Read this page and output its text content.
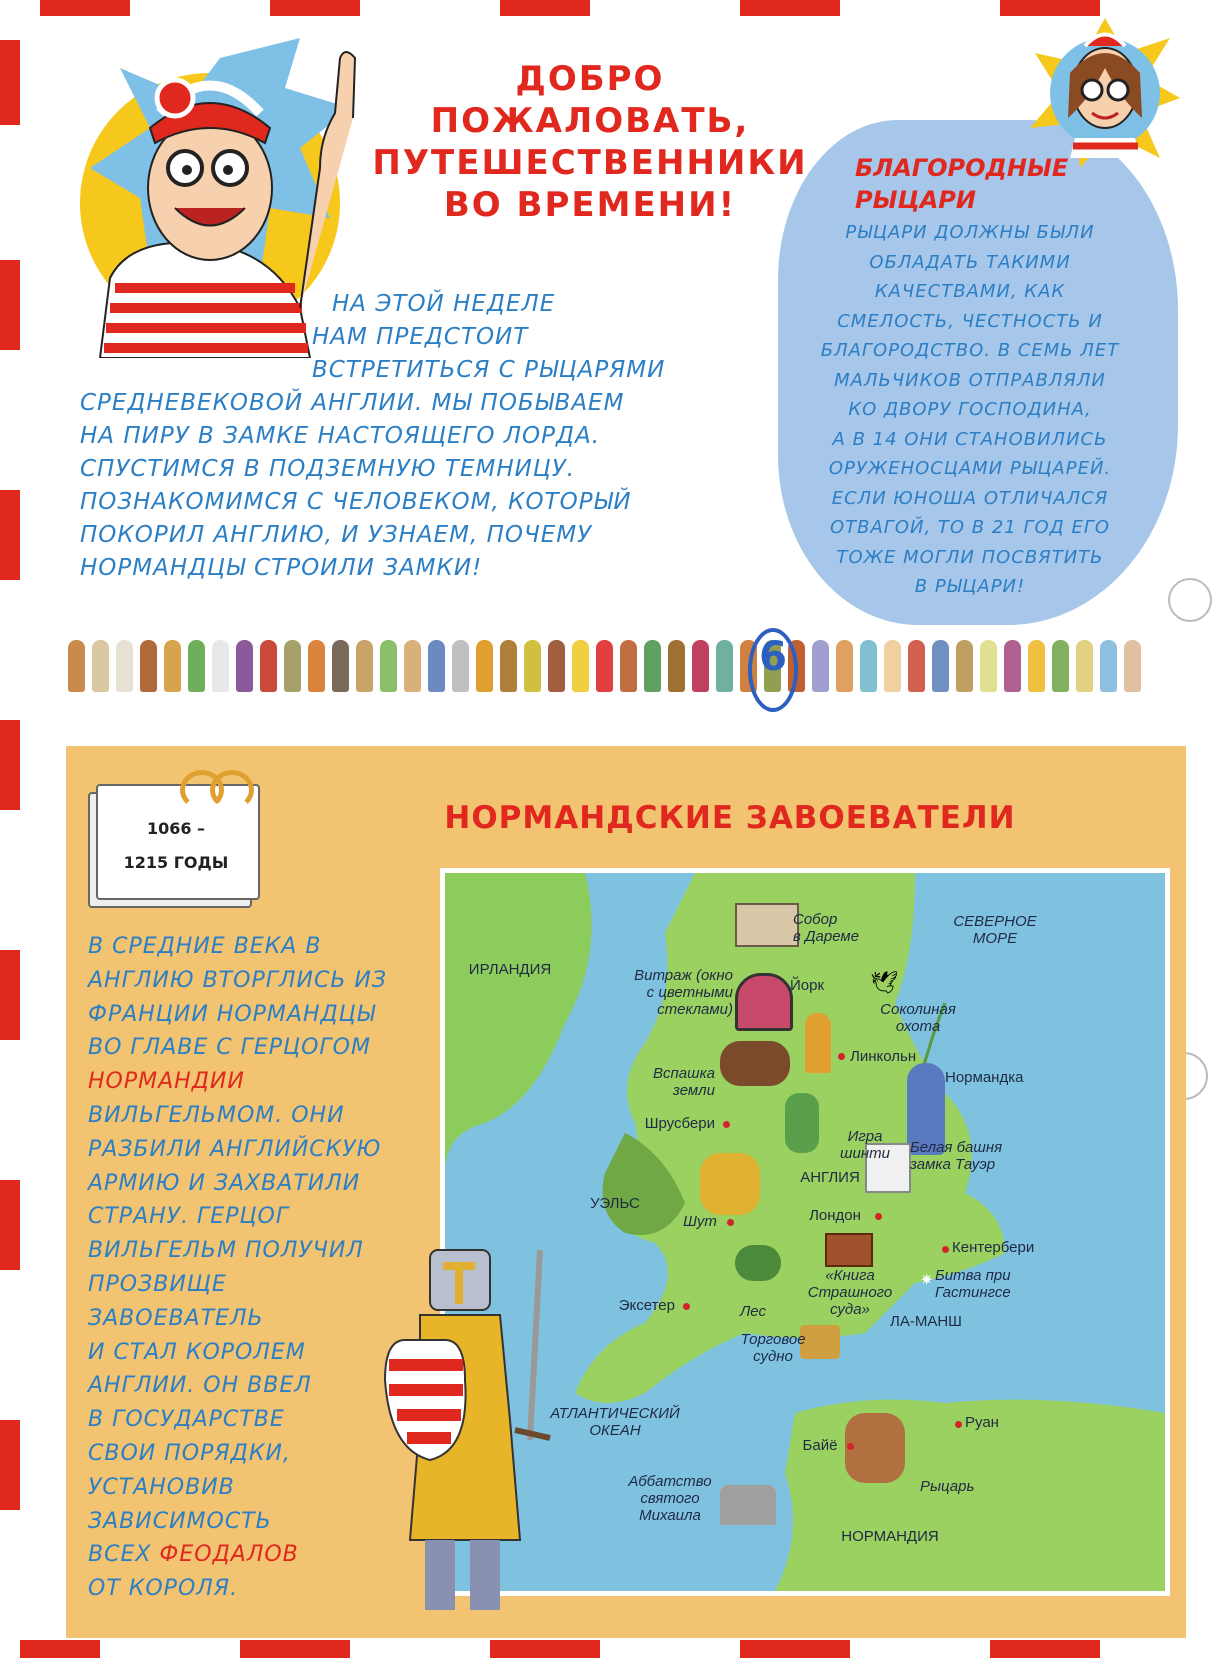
ДОБРО
ПОЖАЛОВАТЬ,
ПУТЕШЕСТВЕННИКИ
ВО ВРЕМЕНИ!
НА ЭТОЙ НЕДЕЛЕ
НАМ ПРЕДСТОИТ
ВСТРЕТИТЬСЯ С РЫЦАРЯМИ
СРЕДНЕВЕКОВОЙ АНГЛИИ. МЫ ПОБЫВАЕМ
НА ПИРУ В ЗАМКЕ НАСТОЯЩЕГО ЛОРДА.
СПУСТИМСЯ В ПОДЗЕМНУЮ ТЕМНИЦУ.
ПОЗНАКОМИМСЯ С ЧЕЛОВЕКОМ, КОТОРЫЙ
ПОКОРИЛ АНГЛИЮ, И УЗНАЕМ, ПОЧЕМУ
НОРМАНДЦЫ СТРОИЛИ ЗАМКИ!
БЛАГОРОДНЫЕ
РЫЦАРИ
РЫЦАРИ ДОЛЖНЫ БЫЛИ
ОБЛАДАТЬ ТАКИМИ
КАЧЕСТВАМИ, КАК
СМЕЛОСТЬ, ЧЕСТНОСТЬ И
БЛАГОРОДСТВО. В СЕМЬ ЛЕТ
МАЛЬЧИКОВ ОТПРАВЛЯЛИ
КО ДВОРУ ГОСПОДИНА,
А В 14 ОНИ СТАНОВИЛИСЬ
ОРУЖЕНОСЦАМИ РЫЦАРЕЙ.
ЕСЛИ ЮНОША ОТЛИЧАЛСЯ
ОТВАГОЙ, ТО В 21 ГОД ЕГО
ТОЖЕ МОГЛИ ПОСВЯТИТЬ
В РЫЦАРИ!
6
1066 –
1215 ГОДЫ
НОРМАНДСКИЕ ЗАВОЕВАТЕЛИ
В СРЕДНИЕ ВЕКА В
АНГЛИЮ ВТОРГЛИСЬ ИЗ
ФРАНЦИИ НОРМАНДЦЫ
ВО ГЛАВЕ С ГЕРЦОГОМ
НОРМАНДИИ
ВИЛЬГЕЛЬМОМ. ОНИ
РАЗБИЛИ АНГЛИЙСКУЮ
АРМИЮ И ЗАХВАТИЛИ
СТРАНУ. ГЕРЦОГ
ВИЛЬГЕЛЬМ ПОЛУЧИЛ
ПРОЗВИЩЕ
ЗАВОЕВАТЕЛЬ
И СТАЛ КОРОЛЕМ
АНГЛИИ. ОН ВВЕЛ
В ГОСУДАРСТВЕ
СВОИ ПОРЯДКИ,
УСТАНОВИВ
ЗАВИСИМОСТЬ
ВСЕХ ФЕОДАЛОВ
ОТ КОРОЛЯ.
🕊
✷
Собор
в Дареме
СЕВЕРНОЕ
МОРЕ
ИРЛАНДИЯ	Витраж (окно
с цветными
стеклами)
Йорк
Соколиная
охота
Линкольн
Вспашка
земли
Нормандка
Шрусбери
Игра
шинти
АНГЛИЯ
УЭЛЬС
Шут
Белая башня
замка Тауэр
Лондон
Кентербери
Битва при
Гастингсе
Эксетер	Лес
«Книга
Страшного
суда»
ЛА-МАНШ
Торговое
судно
АТЛАНТИЧЕСКИЙ
ОКЕАН	Руан
Байё
Аббатство
святого
Михаила
Рыцарь
НОРМАНДИЯ
